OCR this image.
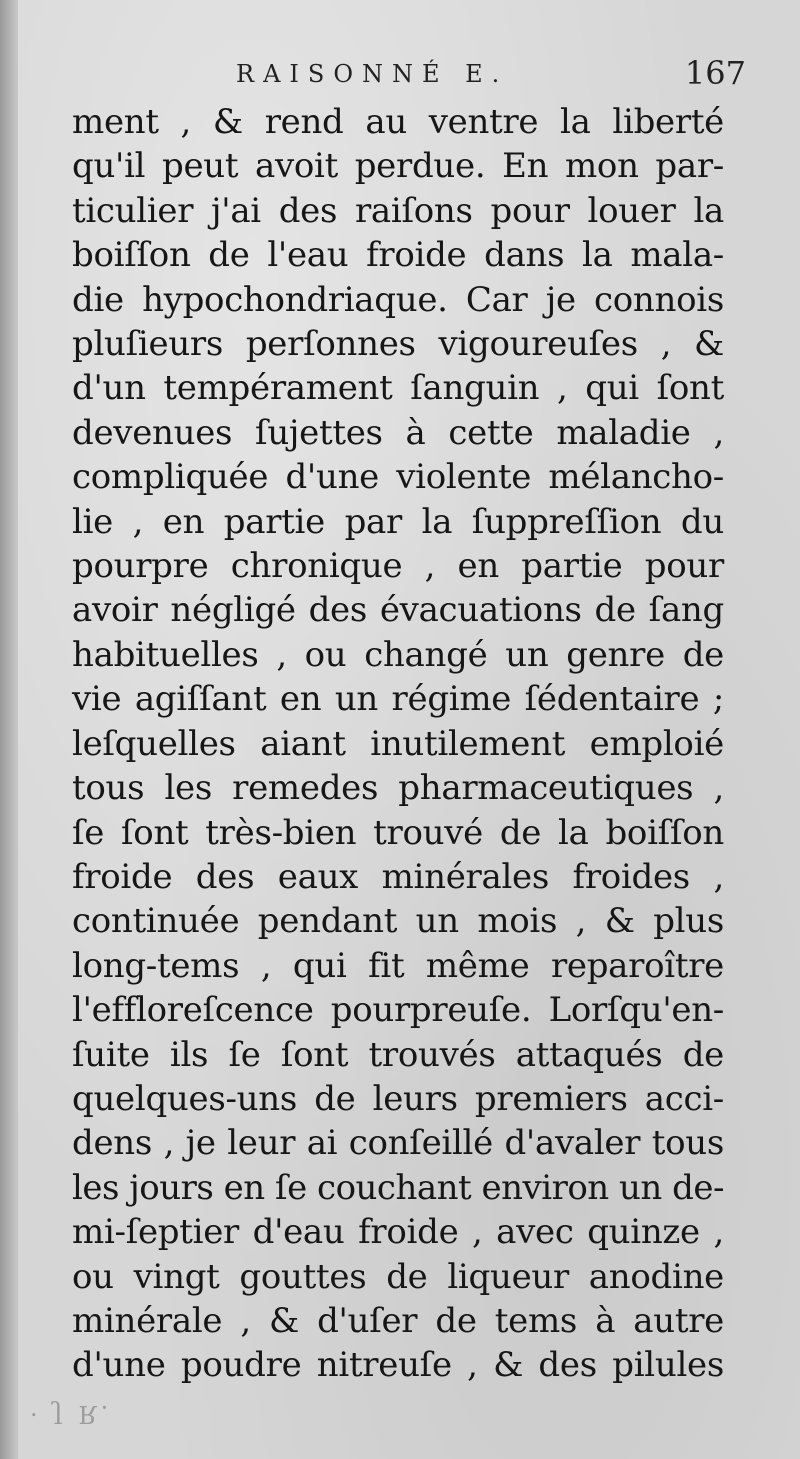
RAISONNÉ E.	167
ment , & rend au ventre la liberté
qu'il peut avoit perdue. En mon par-
ticulier j'ai des raiſons pour louer la
boiſſon de l'eau froide dans la mala-
die hypochondriaque. Car je connois
pluſieurs perſonnes vigoureuſes , &
d'un tempérament ſanguin , qui ſont
devenues ſujettes à cette maladie ,
compliquée d'une violente mélancho-
lie , en partie par la ſuppreſſion du
pourpre chronique , en partie pour
avoir négligé des évacuations de ſang
habituelles , ou changé un genre de
vie agiſſant en un régime ſédentaire ;
leſquelles aiant inutilement emploié
tous les remedes pharmaceutiques ,
ſe ſont très-bien trouvé de la boiſſon
froide des eaux minérales froides ,
continuée pendant un mois , & plus
long-tems , qui fit même reparoître
l'effloreſcence pourpreuſe. Lorſqu'en-
ſuite ils ſe ſont trouvés attaqués de
quelques-uns de leurs premiers acci-
dens , je leur ai conſeillé d'avaler tous
les jours en ſe couchant environ un de-
mi-ſeptier d'eau froide , avec quinze ,
ou vingt gouttes de liqueur anodine
minérale , & d'uſer de tems à autre
d'une poudre nitreuſe , & des pilules
· J R.
